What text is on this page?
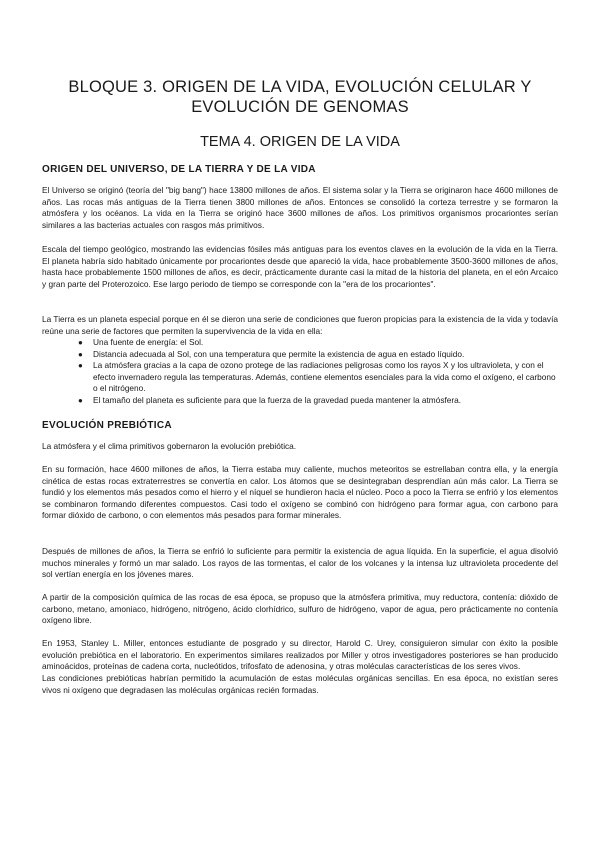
BLOQUE 3. ORIGEN DE LA VIDA, EVOLUCIÓN CELULAR Y EVOLUCIÓN DE GENOMAS
TEMA 4. ORIGEN DE LA VIDA
ORIGEN DEL UNIVERSO, DE LA TIERRA Y DE LA VIDA

El Universo se originó (teoría del "big bang") hace 13800 millones de años. El sistema solar y la Tierra se originaron hace 4600 millones de años. Las rocas más antiguas de la Tierra tienen 3800 millones de años. Entonces se consolidó la corteza terrestre y se formaron la atmósfera y los océanos. La vida en la Tierra se originó hace 3600 millones de años. Los primitivos organismos procariontes serían similares a las bacterias actuales con rasgos más primitivos.

Escala del tiempo geológico, mostrando las evidencias fósiles más antiguas para los eventos claves en la evolución de la vida en la Tierra. El planeta habría sido habitado únicamente por procariontes desde que apareció la vida, hace probablemente 3500-3600 millones de años, hasta hace probablemente 1500 millones de años, es decir, prácticamente durante casi la mitad de la historia del planeta, en el eón Arcaico y gran parte del Proterozoico. Ese largo periodo de tiempo se corresponde con la "era de los procariontes".

La Tierra es un planeta especial porque en él se dieron una serie de condiciones que fueron propicias para la existencia de la vida y todavía reúne una serie de factores que permiten la supervivencia de la vida en ella:

● Una fuente de energía: el Sol.
● Distancia adecuada al Sol, con una temperatura que permite la existencia de agua en estado líquido.
● La atmósfera gracias a la capa de ozono protege de las radiaciones peligrosas como los rayos X y los ultravioleta, y con el efecto invernadero regula las temperaturas. Además, contiene elementos esenciales para la vida como el oxígeno, el carbono o el nitrógeno.
● El tamaño del planeta es suficiente para que la fuerza de la gravedad pueda mantener la atmósfera.
EVOLUCIÓN PREBIÓTICA

La atmósfera y el clima primitivos gobernaron la evolución prebiótica.

En su formación, hace 4600 millones de años, la Tierra estaba muy caliente, muchos meteoritos se estrellaban contra ella, y la energía cinética de estas rocas extraterrestres se convertía en calor. Los átomos que se desintegraban desprendían aún más calor. La Tierra se fundió y los elementos más pesados como el hierro y el níquel se hundieron hacia el núcleo. Poco a poco la Tierra se enfrió y los elementos se combinaron formando diferentes compuestos. Casi todo el oxígeno se combinó con hidrógeno para formar agua, con carbono para formar dióxido de carbono, o con elementos más pesados para formar minerales.

Después de millones de años, la Tierra se enfrió lo suficiente para permitir la existencia de agua líquida. En la superficie, el agua disolvió muchos minerales y formó un mar salado. Los rayos de las tormentas, el calor de los volcanes y la intensa luz ultravioleta procedente del sol vertían energía en los jóvenes mares.

A partir de la composición química de las rocas de esa época, se propuso que la atmósfera primitiva, muy reductora, contenía: dióxido de carbono, metano, amoniaco, hidrógeno, nitrógeno, ácido clorhídrico, sulfuro de hidrógeno, vapor de agua, pero prácticamente no contenía oxígeno libre.

En 1953, Stanley L. Miller, entonces estudiante de posgrado y su director, Harold C. Urey, consiguieron simular con éxito la posible evolución prebiótica en el laboratorio. En experimentos similares realizados por Miller y otros investigadores posteriores se han producido aminoácidos, proteínas de cadena corta, nucleótidos, trifosfato de adenosina, y otras moléculas características de los seres vivos.

Las condiciones prebióticas habrían permitido la acumulación de estas moléculas orgánicas sencillas. En esa época, no existían seres vivos ni oxígeno que degradasen las moléculas orgánicas recién formadas.
